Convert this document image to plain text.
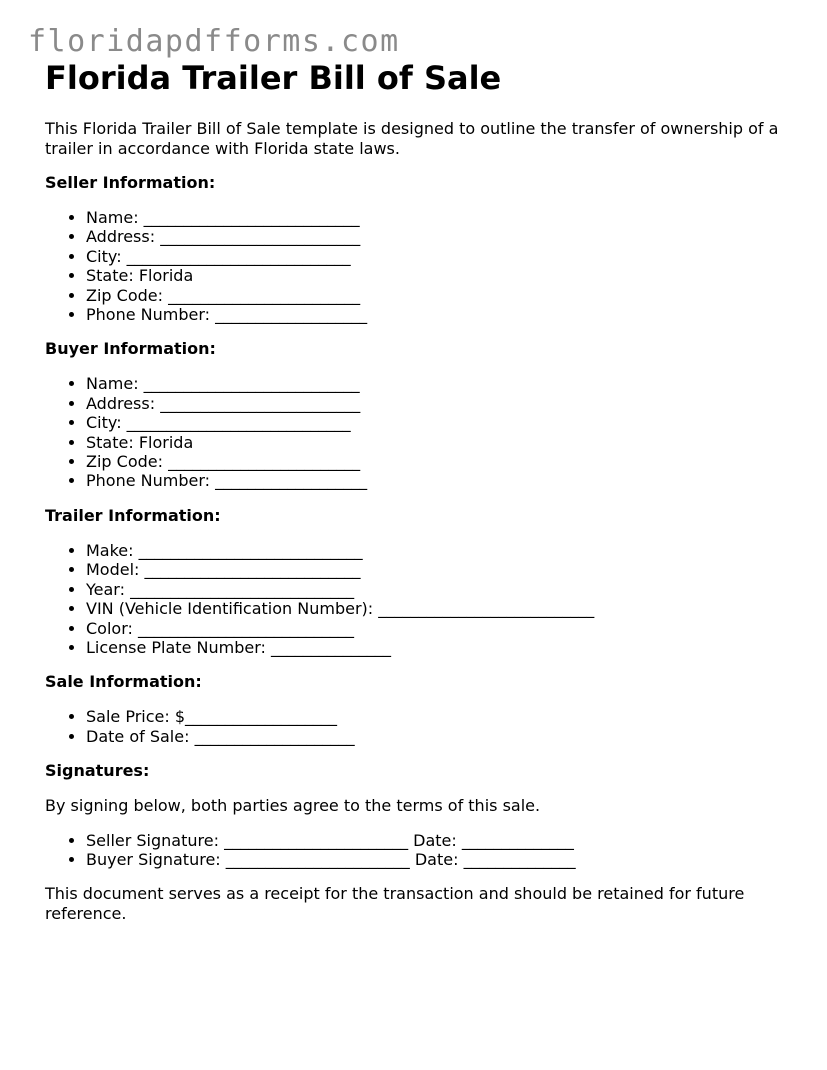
floridapdfforms.com
Florida Trailer Bill of Sale

This Florida Trailer Bill of Sale template is designed to outline the transfer of ownership of a trailer in accordance with Florida state laws.

Seller Information:
• Name: ___________________________
• Address: _________________________
• City: ____________________________
• State: Florida
• Zip Code: ________________________
• Phone Number: ___________________
Buyer Information:
• Name: ___________________________
• Address: _________________________
• City: ____________________________
• State: Florida
• Zip Code: ________________________
• Phone Number: ___________________
Trailer Information:
• Make: ____________________________
• Model: ___________________________
• Year: ____________________________
• VIN (Vehicle Identification Number): ___________________________
• Color: ___________________________
• License Plate Number: _______________
Sale Information:
• Sale Price: $___________________
• Date of Sale: ____________________
Signatures:

By signing below, both parties agree to the terms of this sale.

• Seller Signature: _______________________ Date: ______________
• Buyer Signature: _______________________ Date: ______________

This document serves as a receipt for the transaction and should be retained for future reference.
